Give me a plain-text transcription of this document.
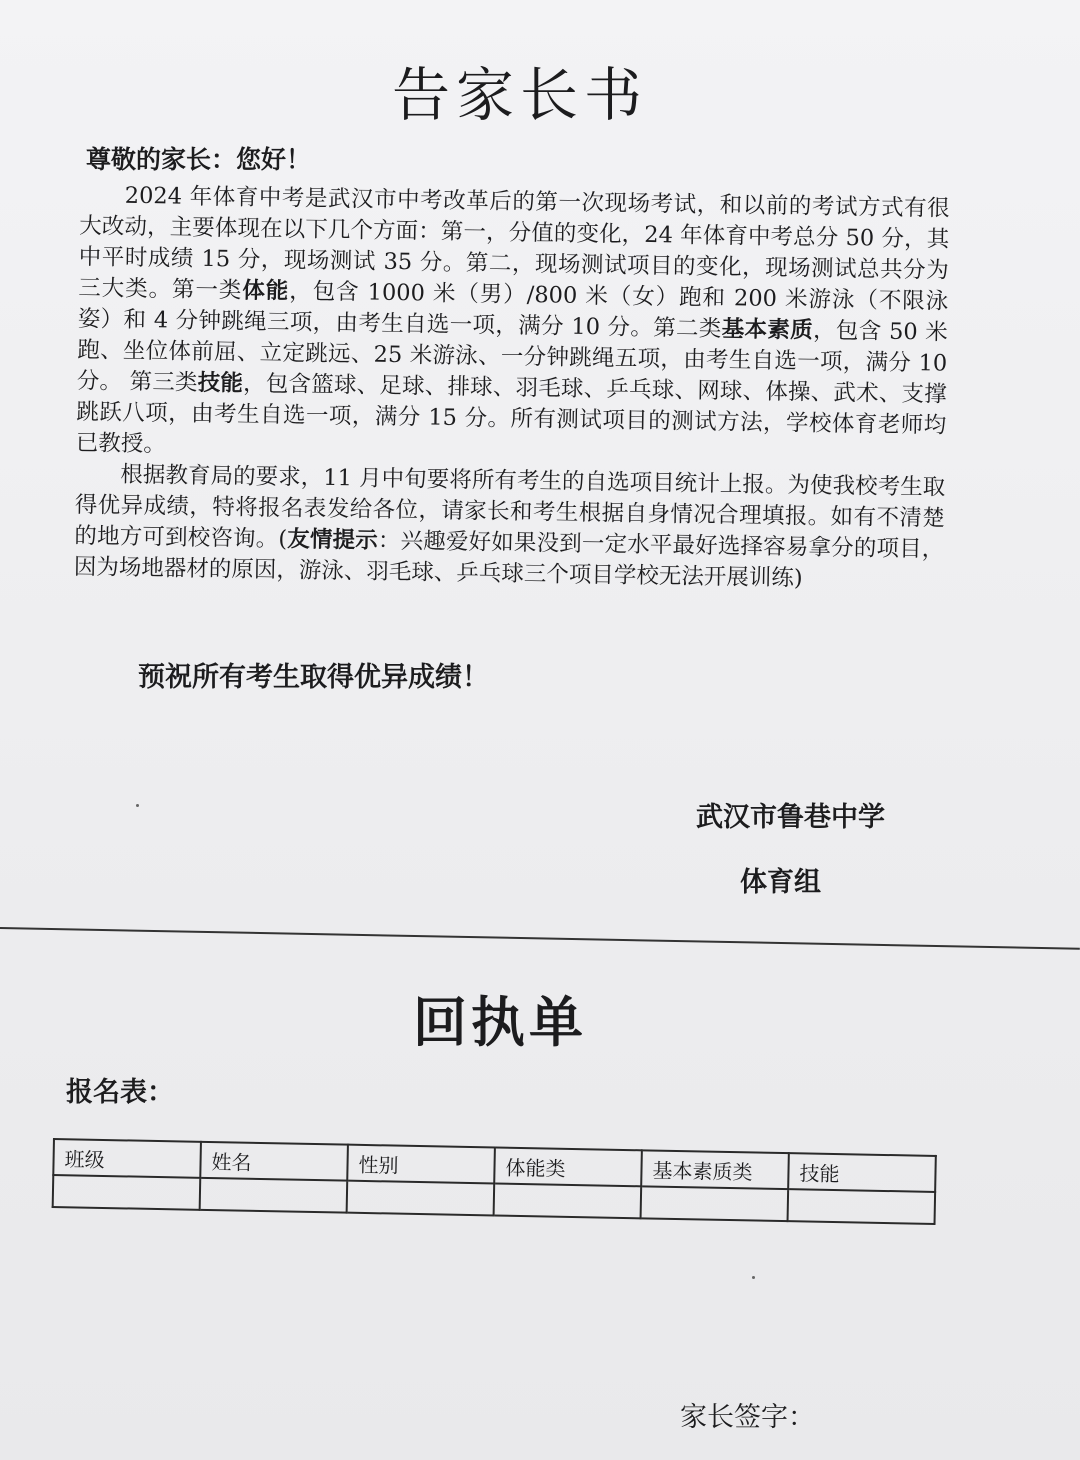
告家长书

尊敬的家长：您好！

2024 年体育中考是武汉市中考改革后的第一次现场考试，和以前的考试方式有很大改动，主要体现在以下几个方面：第一，分值的变化，24 年体育中考总分 50 分，其中平时成绩 15 分，现场测试 35 分。第二，现场测试项目的变化，现场测试总共分为三大类。第一类体能，包含 1000 米（男）/800 米（女）跑和 200 米游泳（不限泳姿）和 4 分钟跳绳三项，由考生自选一项，满分 10 分。第二类基本素质，包含 50 米跑、坐位体前屈、立定跳远、25 米游泳、一分钟跳绳五项，由考生自选一项，满分 10 分。 第三类技能，包含篮球、足球、排球、羽毛球、乒乓球、网球、体操、武术、支撑跳跃八项，由考生自选一项，满分 15 分。所有测试项目的测试方法，学校体育老师均已教授。

根据教育局的要求，11 月中旬要将所有考生的自选项目统计上报。为使我校考生取得优异成绩，特将报名表发给各位，请家长和考生根据自身情况合理填报。如有不清楚的地方可到校咨询。(友情提示：兴趣爱好如果没到一定水平最好选择容易拿分的项目，因为场地器材的原因，游泳、羽毛球、乒乓球三个项目学校无法开展训练)

预祝所有考生取得优异成绩！

武汉市鲁巷中学
体育组
回执单
报名表：
班级	姓名	性别	体能类	基本素质类	技能

家长签字：
